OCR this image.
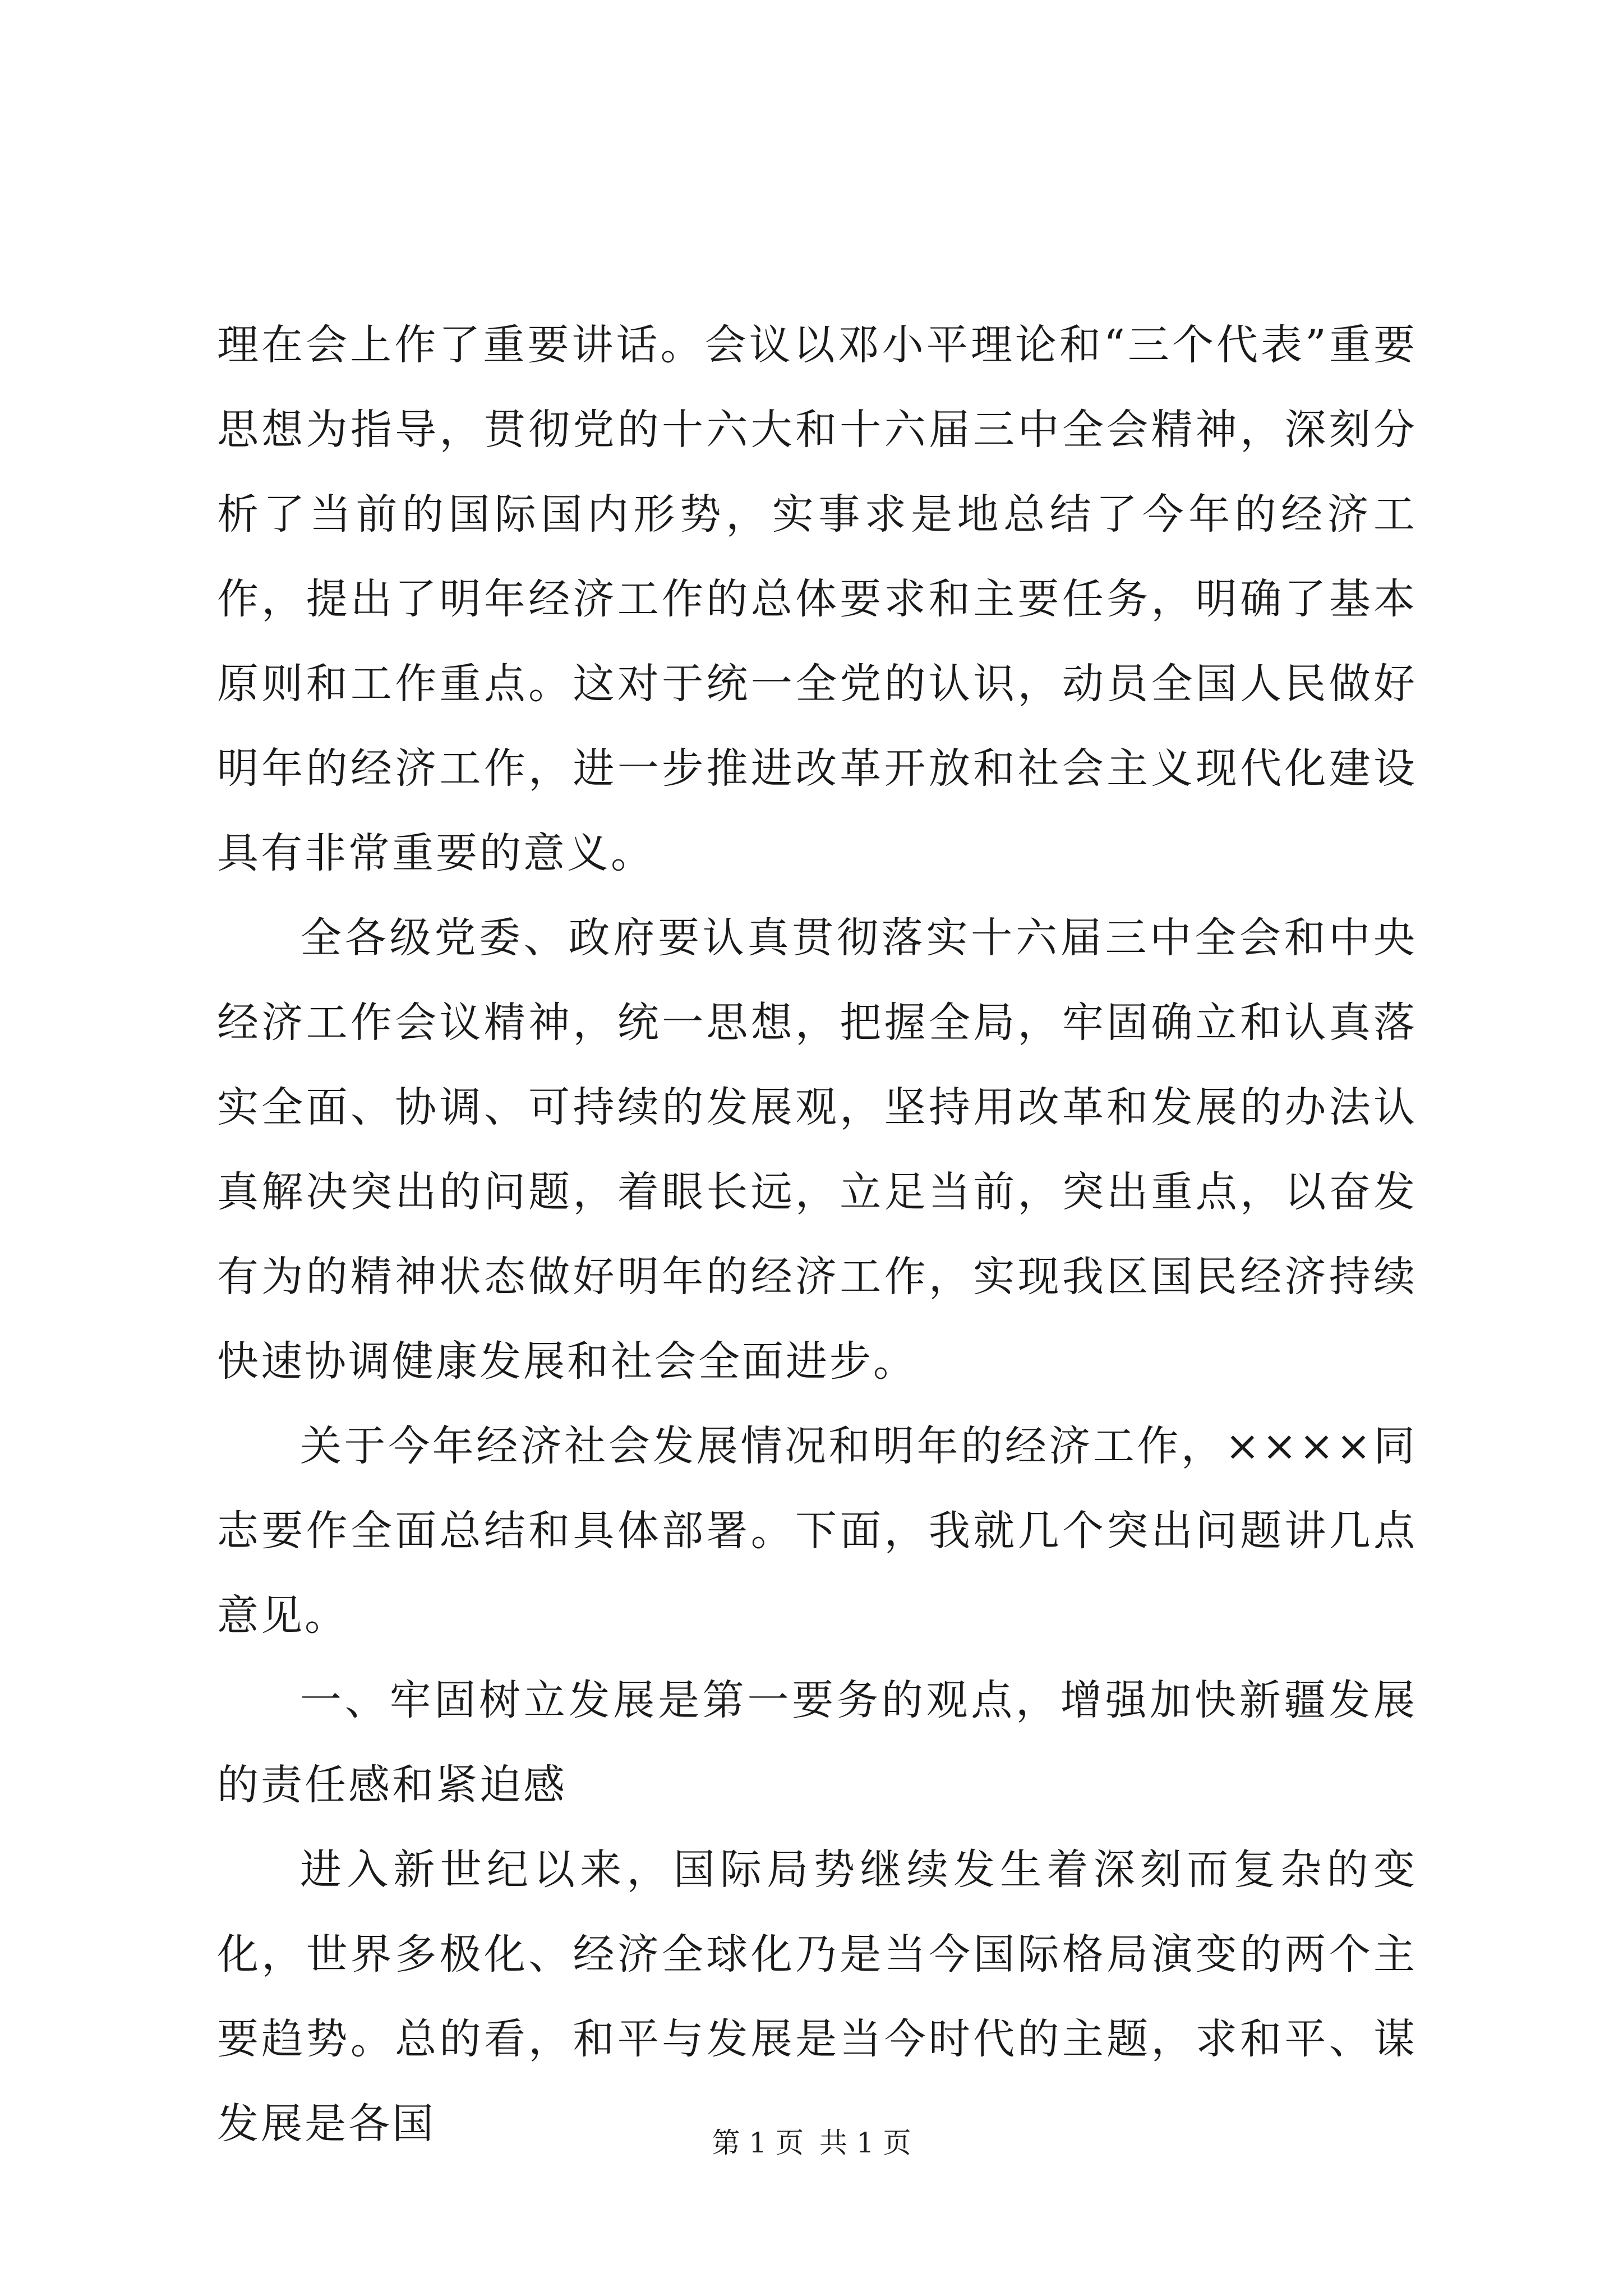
理在会上作了重要讲话。会议以邓小平理论和“三个代表”重要思想为指导，贯彻党的十六大和十六届三中全会精神，深刻分析了当前的国际国内形势，实事求是地总结了今年的经济工作，提出了明年经济工作的总体要求和主要任务，明确了基本原则和工作重点。这对于统一全党的认识，动员全国人民做好明年的经济工作，进一步推进改革开放和社会主义现代化建设具有非常重要的意义。

全各级党委、政府要认真贯彻落实十六届三中全会和中央经济工作会议精神，统一思想，把握全局，牢固确立和认真落实全面、协调、可持续的发展观，坚持用改革和发展的办法认真解决突出的问题，着眼长远，立足当前，突出重点，以奋发有为的精神状态做好明年的经济工作，实现我区国民经济持续快速协调健康发展和社会全面进步。

关于今年经济社会发展情况和明年的经济工作，××××同志要作全面总结和具体部署。下面，我就几个突出问题讲几点意见。

一、牢固树立发展是第一要务的观点，增强加快新疆发展的责任感和紧迫感

进入新世纪以来，国际局势继续发生着深刻而复杂的变化，世界多极化、经济全球化乃是当今国际格局演变的两个主要趋势。总的看，和平与发展是当今时代的主题，求和平、谋发展是各国	第 1 页 共 1 页
